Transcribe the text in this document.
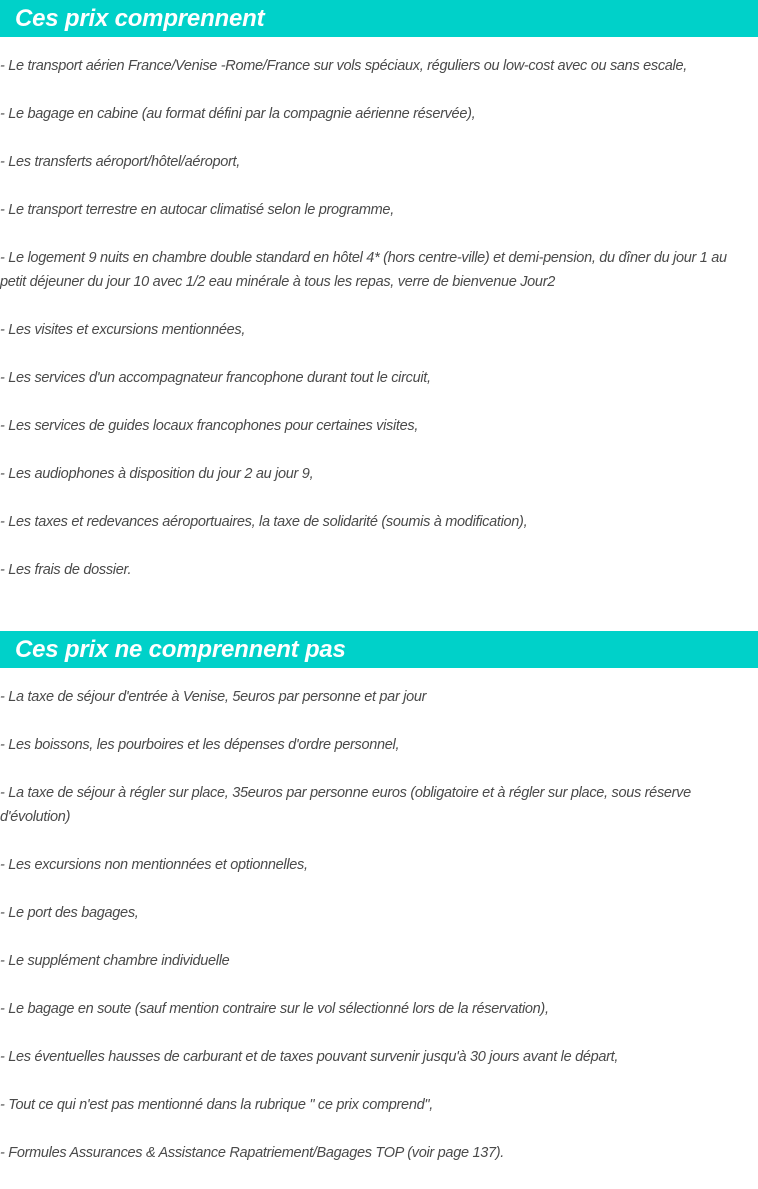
Ces prix comprennent

- Le transport aérien France/Venise -Rome/France sur vols spéciaux, réguliers ou low-cost avec ou sans escale,

- Le bagage en cabine (au format défini par la compagnie aérienne réservée),

- Les transferts aéroport/hôtel/aéroport,

- Le transport terrestre en autocar climatisé selon le programme,

- Le logement 9 nuits en chambre double standard en hôtel 4* (hors centre-ville) et demi-pension, du dîner du jour 1 au petit déjeuner du jour 10 avec 1/2 eau minérale à tous les repas, verre de bienvenue Jour2

- Les visites et excursions mentionnées,

- Les services d'un accompagnateur francophone durant tout le circuit,

- Les services de guides locaux francophones pour certaines visites,

- Les audiophones à disposition du jour 2 au jour 9,

- Les taxes et redevances aéroportuaires, la taxe de solidarité (soumis à modification),

- Les frais de dossier.

Ces prix ne comprennent pas

- La taxe de séjour d'entrée à Venise, 5euros par personne et par jour

- Les boissons, les pourboires et les dépenses d'ordre personnel,

- La taxe de séjour à régler sur place, 35euros par personne euros (obligatoire et à régler sur place, sous réserve d'évolution)

- Les excursions non mentionnées et optionnelles,

- Le port des bagages,

- Le supplément chambre individuelle

- Le bagage en soute (sauf mention contraire sur le vol sélectionné lors de la réservation),

- Les éventuelles hausses de carburant et de taxes pouvant survenir jusqu'à 30 jours avant le départ,

- Tout ce qui n'est pas mentionné dans la rubrique " ce prix comprend",

- Formules Assurances & Assistance Rapatriement/Bagages TOP (voir page 137).
